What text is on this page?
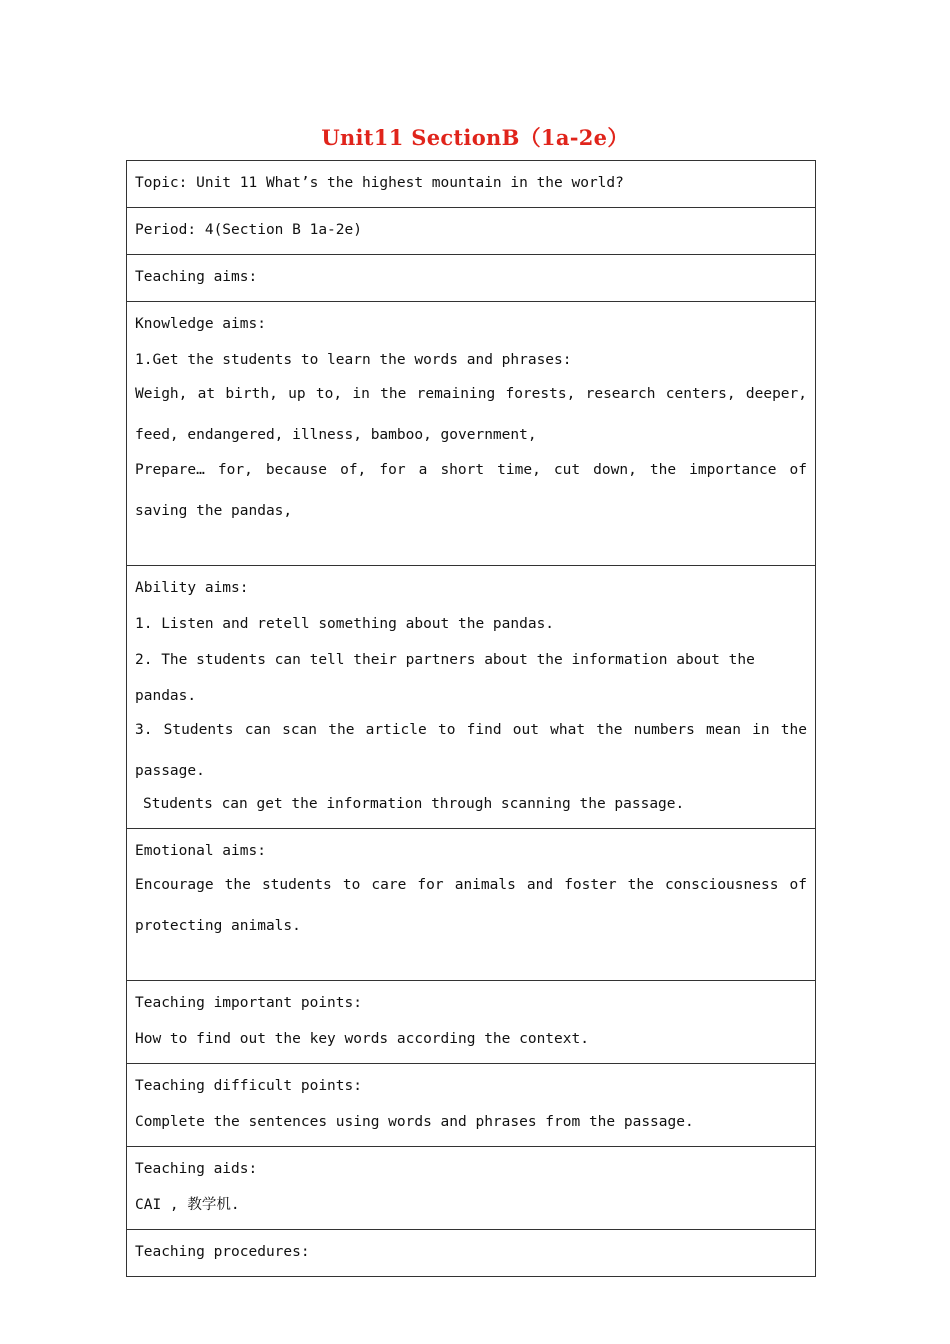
Unit11 SectionB（1a-2e）

Topic: Unit 11 What’s the highest mountain in the world?

Period: 4(Section B 1a-2e)

Teaching aims:

Knowledge aims:

1.Get the students to learn the words and phrases:

Weigh, at birth, up to, in the remaining forests, research centers, deeper, feed, endangered, illness, bamboo, government,

Prepare… for, because of, for a short time, cut down, the importance of saving the pandas,

Ability aims:

1. Listen and retell something about the pandas.

2. The students can tell their partners about the information about the pandas.

3. Students can scan the article to find out what the numbers mean in the passage.

Students can get the information through scanning the passage.

Emotional aims:

Encourage the students to care for animals and foster the consciousness of protecting animals.

Teaching important points:

How to find out the key words according the context.

Teaching difficult points:

Complete the sentences using words and phrases from the passage.

Teaching aids:

CAI , 教学机.

Teaching procedures:
